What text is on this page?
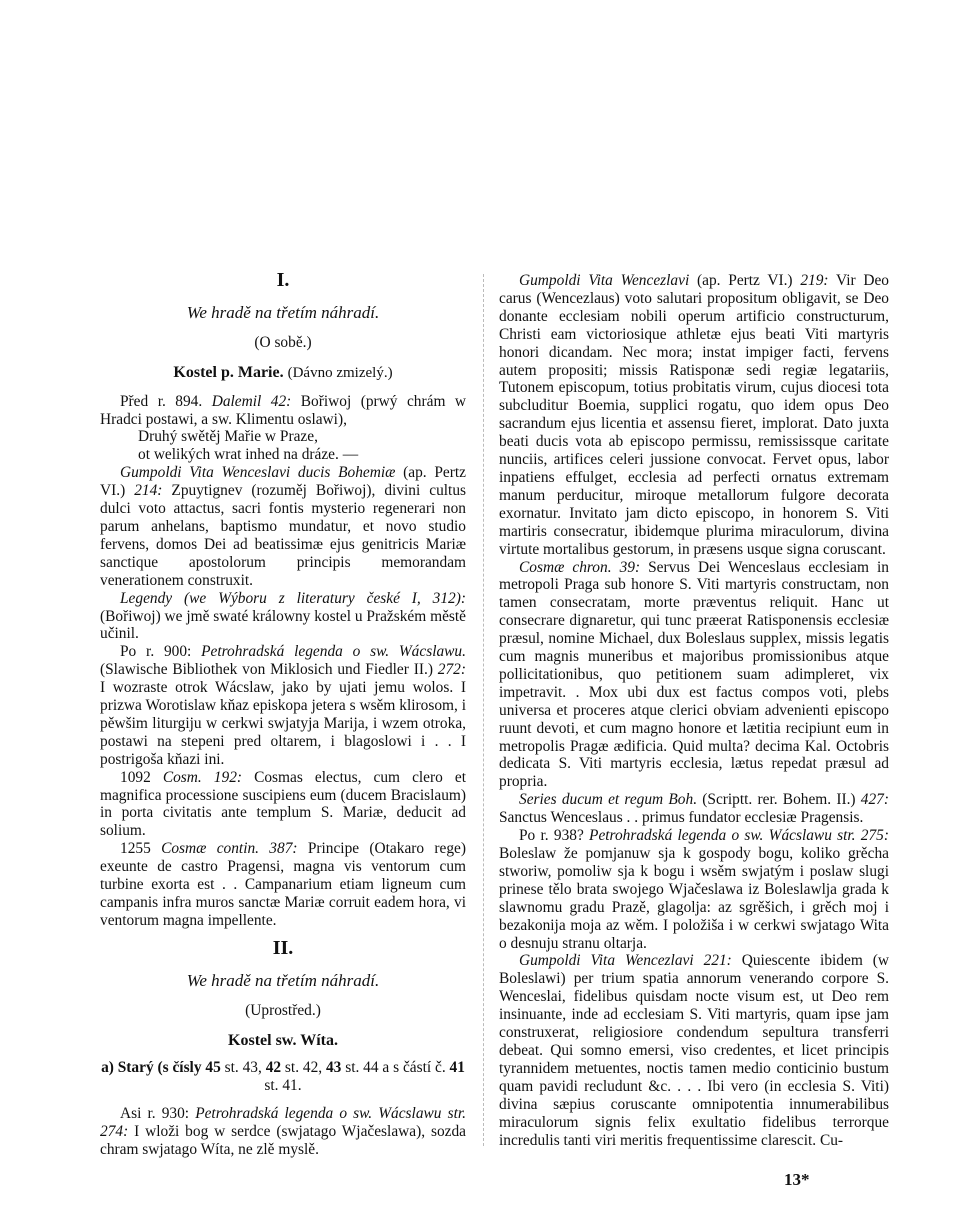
I.
We hradě na třetím náhradí.
(O sobě.)
Kostel p. Marie. (Dávno zmizelý.)

Před r. 894. Dalemil 42: Bořiwoj (prwý chrám w Hradci postawi, a sw. Klimentu oslawi),

Druhý swětěj Mařie w Praze,

ot welikých wrat inhed na dráze. —

Gumpoldi Vita Wenceslavi ducis Bohemiæ (ap. Pertz VI.) 214: Zpuytignev (rozuměj Bořiwoj), divini cultus dulci voto attactus, sacri fontis mysterio regenerari non parum anhelans, baptismo mundatur, et novo studio fervens, domos Dei ad beatissimæ ejus genitricis Mariæ sanctique apostolorum principis memorandam venerationem construxit.

Legendy (we Wýboru z literatury české I, 312): (Bořiwoj) we jmě swaté králowny kostel u Pražském městě učinil.

Po r. 900: Petrohradská legenda o sw. Wácslawu. (Slawische Bibliothek von Miklosich und Fiedler II.) 272: I wozraste otrok Wácslaw, jako by ujati jemu wolos. I prizwa Worotislaw kňaz episkopa jetera s wsěm klirosom, i pěwšim liturgiju w cerkwi swjatyja Marija, i wzem otroka, postawi na stepeni pred oltarem, i blagoslowi i . . I postrigoša kňazi ini.

1092 Cosm. 192: Cosmas electus, cum clero et magnifica processione suscipiens eum (ducem Bracislaum) in porta civitatis ante templum S. Mariæ, deducit ad solium.

1255 Cosmæ contin. 387: Principe (Otakaro rege) exeunte de castro Pragensi, magna vis ventorum cum turbine exorta est . . Campanarium etiam ligneum cum campanis infra muros sanctæ Mariæ corruit eadem hora, vi ventorum magna impellente.

II.
We hradě na třetím náhradí.
(Uprostřed.)
Kostel sw. Wíta.
a) Starý (s čísly 45 st. 43, 42 st. 42, 43 st. 44 a s částí č. 41 st. 41.

Asi r. 930: Petrohradská legenda o sw. Wácslawu str. 274: I wloži bog w serdce (swjatago Wjačeslawa), sozda chram swjatago Wíta, ne zlě myslě.

Gumpoldi Vita Wencezlavi (ap. Pertz VI.) 219: Vir Deo carus (Wencezlaus) voto salutari propositum obligavit, se Deo donante ecclesiam nobili operum artificio constructurum, Christi eam victoriosique athletæ ejus beati Viti martyris honori dicandam. Nec mora; instat impiger facti, fervens autem propositi; missis Ratisponæ sedi regiæ legatariis, Tutonem episcopum, totius probitatis virum, cujus diocesi tota subcluditur Boemia, supplici rogatu, quo idem opus Deo sacrandum ejus licentia et assensu fieret, implorat. Dato juxta beati ducis vota ab episcopo permissu, remississque caritate nunciis, artifices celeri jussione convocat. Fervet opus, labor inpatiens effulget, ecclesia ad perfecti ornatus extremam manum perducitur, miroque metallorum fulgore decorata exornatur. Invitato jam dicto episcopo, in honorem S. Viti martiris consecratur, ibidemque plurima miraculorum, divina virtute mortalibus gestorum, in præsens usque signa coruscant.

Cosmæ chron. 39: Servus Dei Wenceslaus ecclesiam in metropoli Praga sub honore S. Viti martyris constructam, non tamen consecratam, morte præventus reliquit. Hanc ut consecrare dignaretur, qui tunc præerat Ratisponensis ecclesiæ præsul, nomine Michael, dux Boleslaus supplex, missis legatis cum magnis muneribus et majoribus promissionibus atque pollicitationibus, quo petitionem suam adimpleret, vix impetravit. . Mox ubi dux est factus compos voti, plebs universa et proceres atque clerici obviam advenienti episcopo ruunt devoti, et cum magno honore et lætitia recipiunt eum in metropolis Pragæ ædificia. Quid multa? decima Kal. Octobris dedicata S. Viti martyris ecclesia, lætus repedat præsul ad propria.

Series ducum et regum Boh. (Scriptt. rer. Bohem. II.) 427: Sanctus Wenceslaus . . primus fundator ecclesiæ Pragensis.

Po r. 938? Petrohradská legenda o sw. Wácslawu str. 275: Boleslaw že pomjanuw sja k gospody bogu, koliko grěcha stworiw, pomoliw sja k bogu i wsěm swjatým i poslaw slugi prinese tělo brata swojego Wjačeslawa iz Boleslawlja grada k slawnomu gradu Prazě, glagolja: az sgrěšich, i grěch moj i bezakonija moja az wěm. I položiša i w cerkwi swjatago Wita o desnuju stranu oltarja.

Gumpoldi Vita Wencezlavi 221: Quiescente ibidem (w Boleslawi) per trium spatia annorum venerando corpore S. Wenceslai, fidelibus quisdam nocte visum est, ut Deo rem insinuante, inde ad ecclesiam S. Viti martyris, quam ipse jam construxerat, religiosiore condendum sepultura transferri debeat. Qui somno emersi, viso credentes, et licet principis tyrannidem metuentes, noctis tamen medio conticinio bustum quam pavidi recludunt &c. . . . Ibi vero (in ecclesia S. Viti) divina sæpius coruscante omnipotentia innumerabilibus miraculorum signis felix exultatio fidelibus terrorque incredulis tanti viri meritis frequentissime clarescit. Cu-

13*
